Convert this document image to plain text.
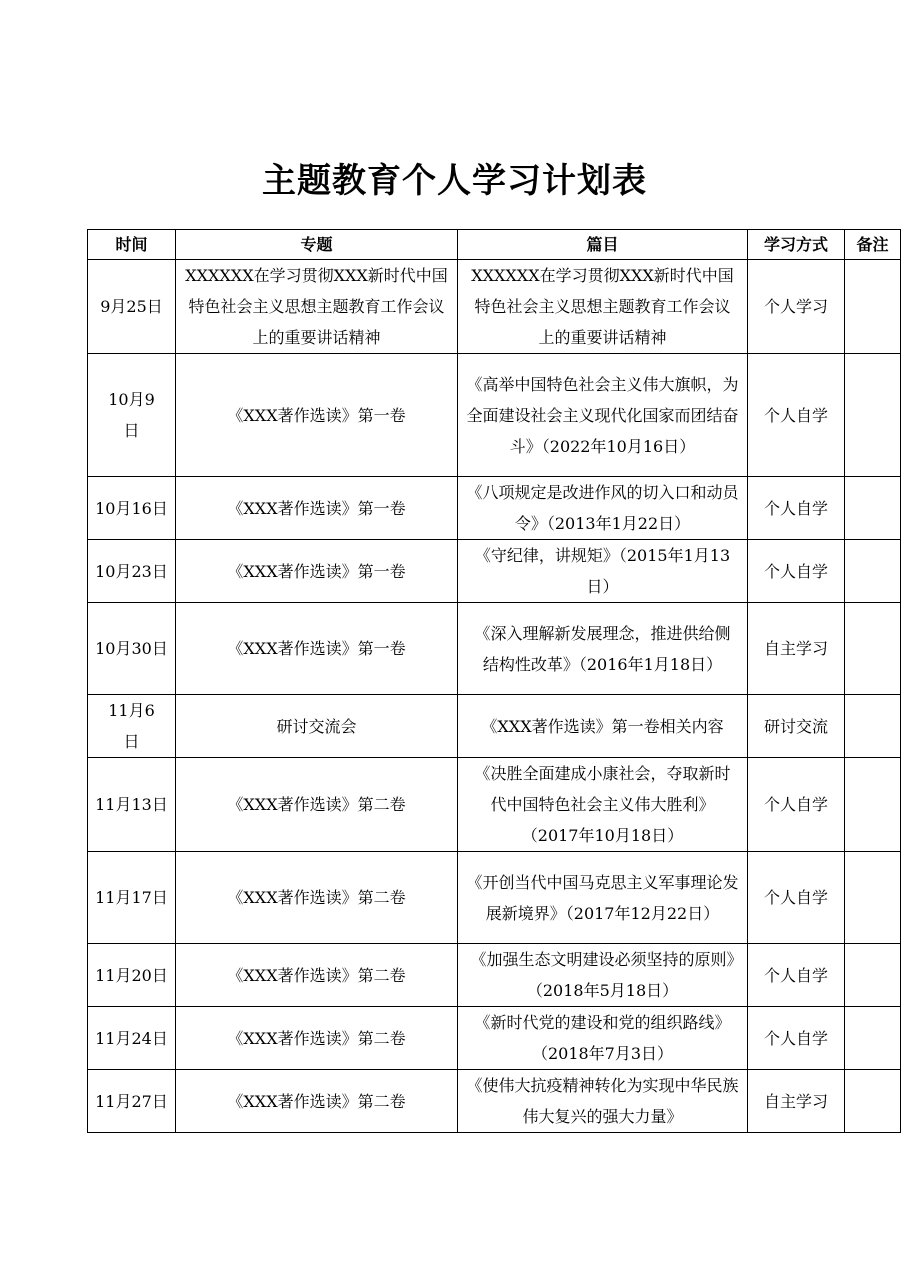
主题教育个人学习计划表
时间	专题	篇目	学习方式	备注
9月25日	XXXXXX在学习贯彻XXX新时代中国特色社会主义思想主题教育工作会议上的重要讲话精神	XXXXXX在学习贯彻XXX新时代中国特色社会主义思想主题教育工作会议上的重要讲话精神	个人学习	
10月9日	《XXX著作选读》第一卷	《高举中国特色社会主义伟大旗帜，为全面建设社会主义现代化国家而团结奋斗》（2022年10月16日）	个人自学	
10月16日	《XXX著作选读》第一卷	《八项规定是改进作风的切入口和动员令》（2013年1月22日）	个人自学	
10月23日	《XXX著作选读》第一卷	《守纪律，讲规矩》（2015年1月13日）	个人自学	
10月30日	《XXX著作选读》第一卷	《深入理解新发展理念，推进供给侧结构性改革》（2016年1月18日）	自主学习	
11月6日	研讨交流会	《XXX著作选读》第一卷相关内容	研讨交流	
11月13日	《XXX著作选读》第二卷	《决胜全面建成小康社会，夺取新时代中国特色社会主义伟大胜利》（2017年10月18日）	个人自学	
11月17日	《XXX著作选读》第二卷	《开创当代中国马克思主义军事理论发展新境界》（2017年12月22日）	个人自学	
11月20日	《XXX著作选读》第二卷	《加强生态文明建设必须坚持的原则》（2018年5月18日）	个人自学	
11月24日	《XXX著作选读》第二卷	《新时代党的建设和党的组织路线》（2018年7月3日）	个人自学	
11月27日	《XXX著作选读》第二卷	《使伟大抗疫精神转化为实现中华民族伟大复兴的强大力量》	自主学习	
